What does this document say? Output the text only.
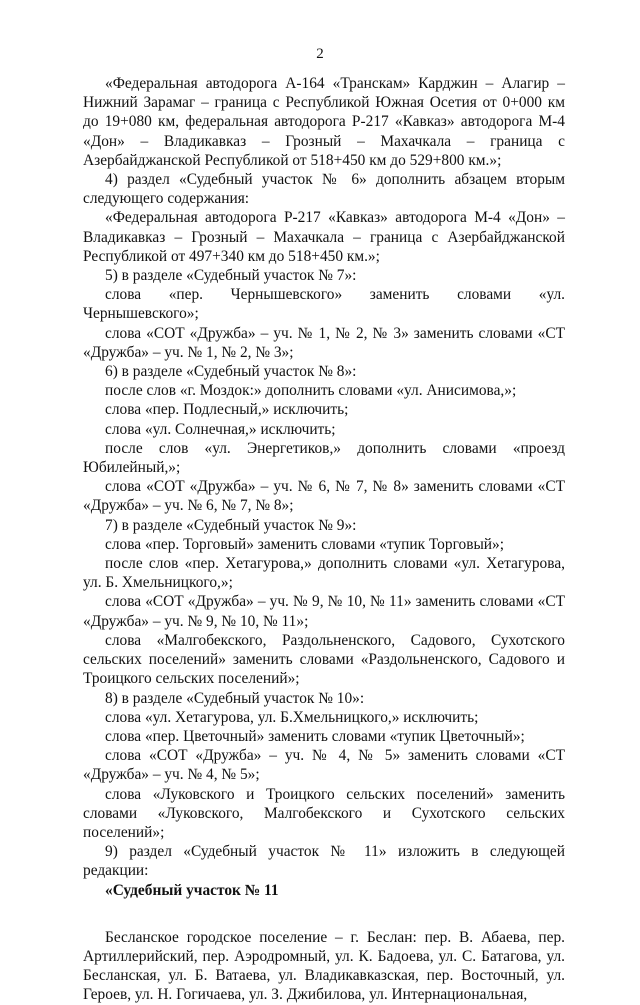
2

«Федеральная автодорога А-164 «Транскам» Карджин – Алагир – Нижний Зарамаг – граница с Республикой Южная Осетия от 0+000 км до 19+080 км, федеральная автодорога Р-217 «Кавказ» автодорога М-4 «Дон» – Владикавказ – Грозный – Махачкала – граница с Азербайджанской Республикой от 518+450 км до 529+800 км.»;

4) раздел «Судебный участок № 6» дополнить абзацем вторым следующего содержания:

«Федеральная автодорога Р-217 «Кавказ» автодорога М-4 «Дон» – Владикавказ – Грозный – Махачкала – граница с Азербайджанской Республикой от 497+340 км до 518+450 км.»;

5) в разделе «Судебный участок № 7»:

слова «пер. Чернышевского» заменить словами «ул. Чернышевского»;

слова «СОТ «Дружба» – уч. № 1, № 2, № 3» заменить словами «СТ «Дружба» – уч. № 1, № 2, № 3»;

6) в разделе «Судебный участок № 8»:

после слов «г. Моздок:» дополнить словами «ул. Анисимова,»;

слова «пер. Подлесный,» исключить;

слова «ул. Солнечная,» исключить;

после слов «ул. Энергетиков,» дополнить словами «проезд Юбилейный,»;

слова «СОТ «Дружба» – уч. № 6, № 7, № 8» заменить словами «СТ «Дружба» – уч. № 6, № 7, № 8»;

7) в разделе «Судебный участок № 9»:

слова «пер. Торговый» заменить словами «тупик Торговый»;

после слов «пер. Хетагурова,» дополнить словами «ул. Хетагурова, ул. Б. Хмельницкого,»;

слова «СОТ «Дружба» – уч. № 9, № 10, № 11» заменить словами «СТ «Дружба» – уч. № 9, № 10, № 11»;

слова «Малгобекского, Раздольненского, Садового, Сухотского сельских поселений» заменить словами «Раздольненского, Садового и Троицкого сельских поселений»;

8) в разделе «Судебный участок № 10»:

слова «ул. Хетагурова, ул. Б.Хмельницкого,» исключить;

слова «пер. Цветочный» заменить словами «тупик Цветочный»;

слова «СОТ «Дружба» – уч. № 4, № 5» заменить словами «СТ «Дружба» – уч. № 4, № 5»;

слова «Луковского и Троицкого сельских поселений» заменить словами «Луковского, Малгобекского и Сухотского сельских поселений»;

9) раздел «Судебный участок № 11» изложить в следующей редакции:

«Судебный участок № 11

Беслaнское городское поселение – г. Беслан: пер. В. Абаева, пер. Артиллерийский, пер. Аэродромный, ул. К. Бадоева, ул. С. Батагова, ул. Беслaнская, ул. Б. Ватаева, ул. Владикавказская, пер. Восточный, ул. Героев, ул. Н. Гогичаева, ул. З. Джибилова, ул. Интернациональная,
